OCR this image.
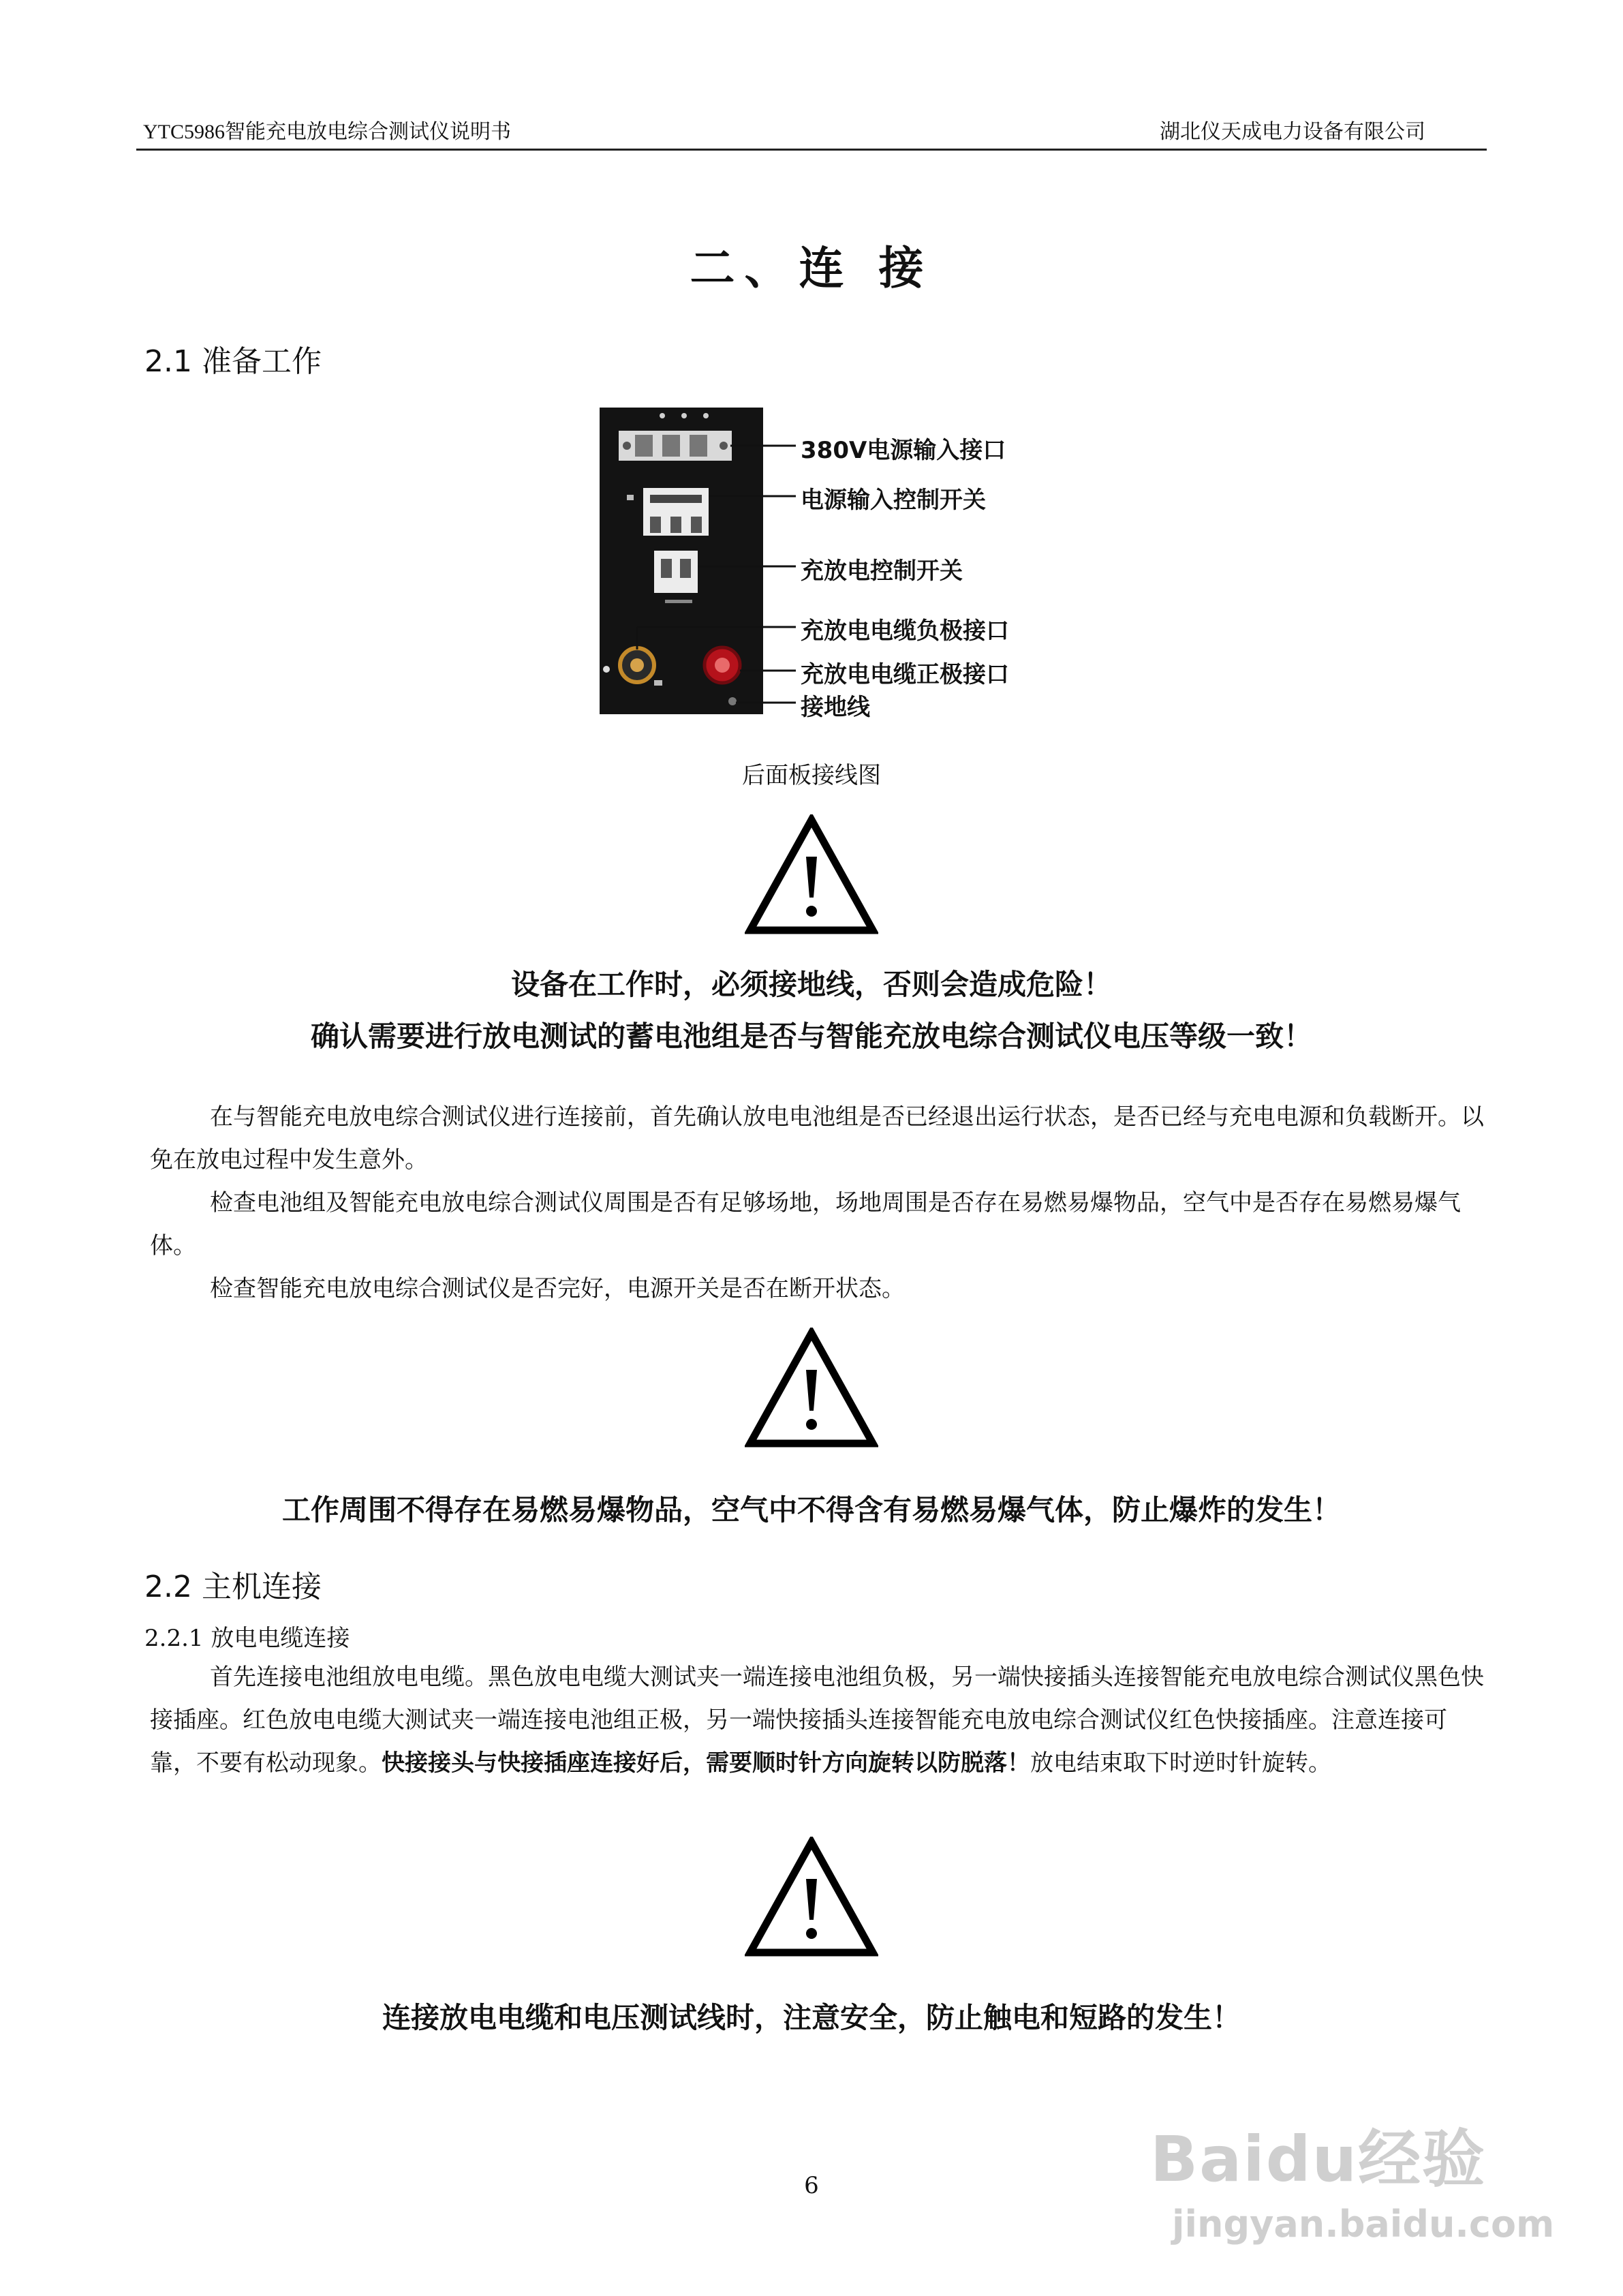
YTC5986智能充电放电综合测试仪说明书	湖北仪天成电力设备有限公司
二、连 接
2.1 准备工作
380V电源输入接口
电源输入控制开关
充放电控制开关
充放电电缆负极接口
充放电电缆正极接口
接地线
后面板接线图
设备在工作时，必须接地线，否则会造成危险！
确认需要进行放电测试的蓄电池组是否与智能充放电综合测试仪电压等级一致！

在与智能充电放电综合测试仪进行连接前，首先确认放电电池组是否已经退出运行状态，是否已经与充电电源和负载断开。以免在放电过程中发生意外。

检查电池组及智能充电放电综合测试仪周围是否有足够场地，场地周围是否存在易燃易爆物品，空气中是否存在易燃易爆气体。

检查智能充电放电综合测试仪是否完好，电源开关是否在断开状态。

工作周围不得存在易燃易爆物品，空气中不得含有易燃易爆气体，防止爆炸的发生！
2.2 主机连接
2.2.1 放电电缆连接

首先连接电池组放电电缆。黑色放电电缆大测试夹一端连接电池组负极，另一端快接插头连接智能充电放电综合测试仪黑色快接插座。红色放电电缆大测试夹一端连接电池组正极，另一端快接插头连接智能充电放电综合测试仪红色快接插座。注意连接可靠，不要有松动现象。快接接头与快接插座连接好后，需要顺时针方向旋转以防脱落！放电结束取下时逆时针旋转。

连接放电电缆和电压测试线时，注意安全，防止触电和短路的发生！
6	Baidu经验
jingyan.baidu.com
